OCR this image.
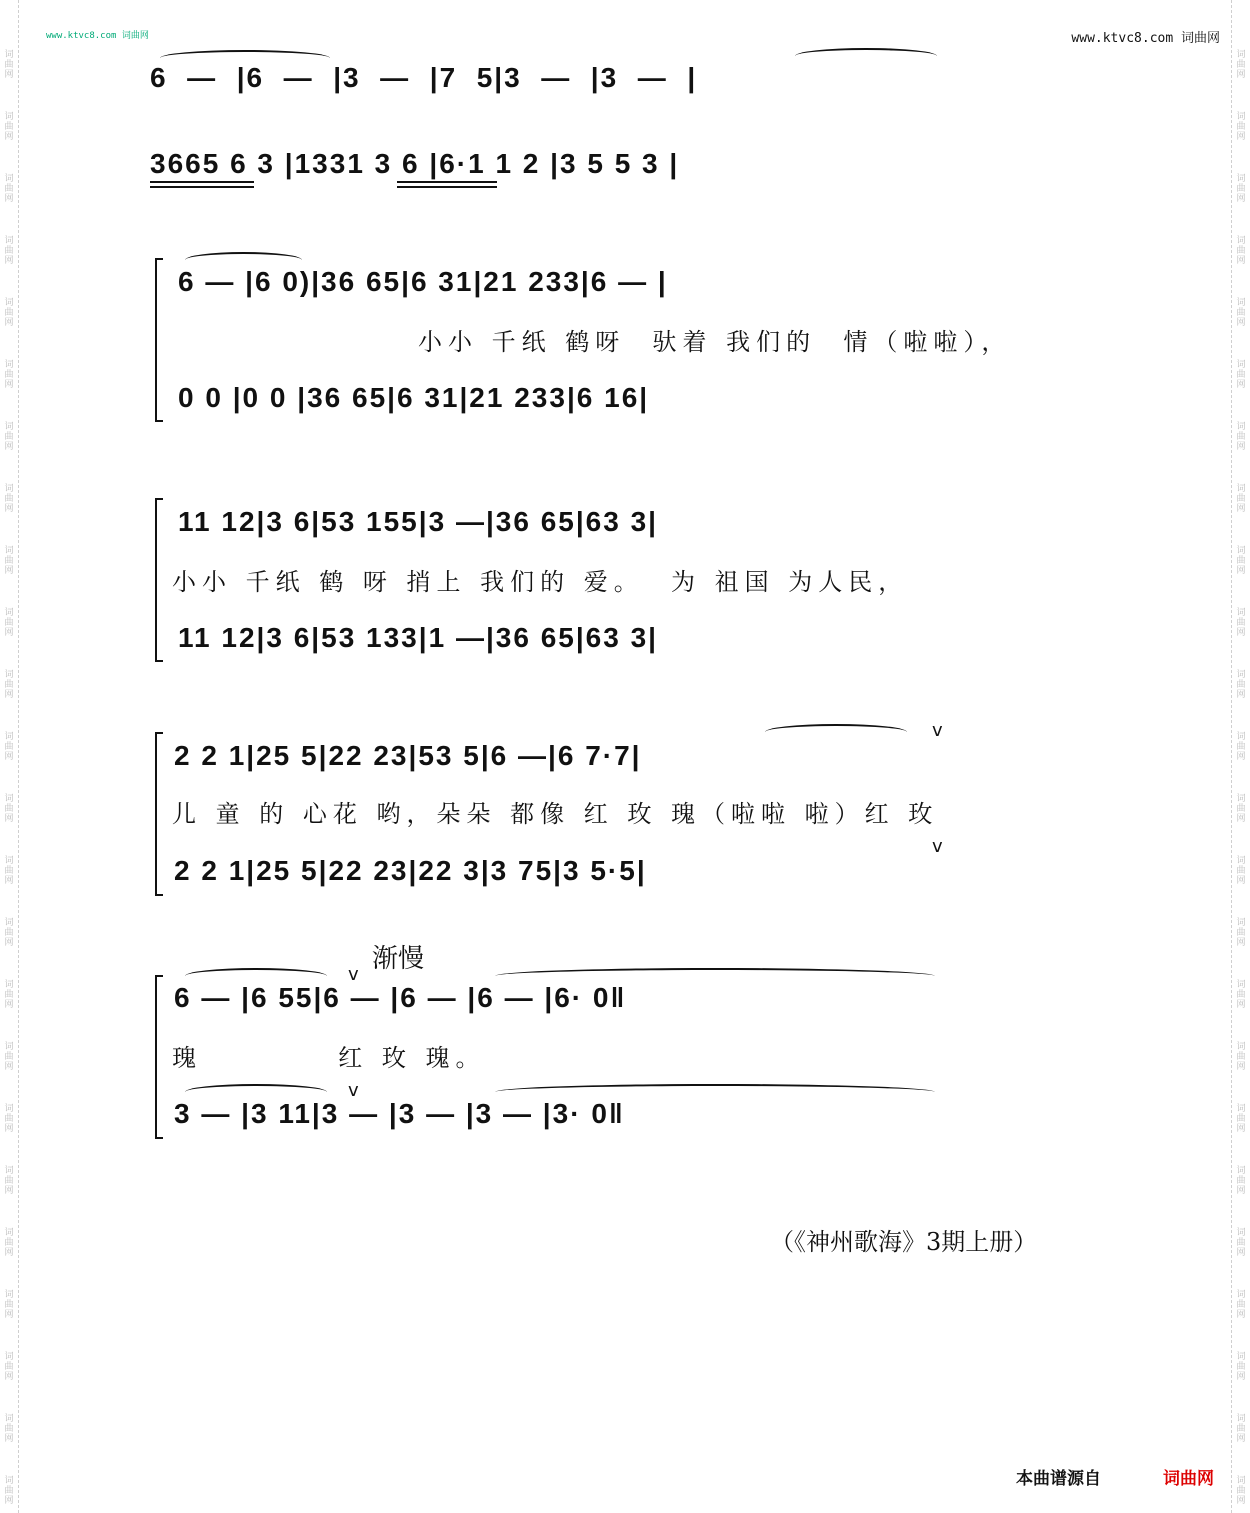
词曲网
词曲网
词曲网
词曲网
词曲网
词曲网
词曲网
词曲网
词曲网
词曲网
词曲网
词曲网
词曲网
词曲网
词曲网
词曲网
词曲网
词曲网
词曲网
词曲网
词曲网
词曲网
词曲网
词曲网
词曲网
词曲网
词曲网
词曲网
词曲网
词曲网
词曲网
词曲网
词曲网
词曲网
词曲网
词曲网
词曲网
词曲网
词曲网
词曲网
词曲网
词曲网
词曲网
词曲网
词曲网
词曲网
词曲网
词曲网
www.ktvc8.com 词曲网	www.ktvc8.com 词曲网
6  —  |6  —  |3  —  |7  5|3  —  |3  —  |
3665 6 3 |1331 3 6 |6·1 1 2 |3 5 5 3 |
6 — |6 0)|36 65|6 31|21 233|6 — |
小小 千纸 鹤呀  驮着 我们的  情（啦啦），
0 0 |0 0 |36 65|6 31|21 233|6 16|
11 12|3 6|53 155|3 —|36 65|63 3|
小小 千纸 鹤 呀 捎上 我们的 爱。  为 祖国 为人民，
11 12|3 6|53 133|1 —|36 65|63 3|
2 2 1|25 5|22 23|53 5|6 —|6 7·7|
儿 童 的 心花 哟，朵朵 都像 红 玫 瑰（啦啦 啦）红 玫
2 2 1|25 5|22 23|22 3|3 75|3 5·5|
v
v
渐慢
6 — |6 55|6 — |6 — |6 — |6· 0‖
瑰          红 玫 瑰。
3 — |3 11|3 — |3 — |3 — |3· 0‖
v
v
（《神州歌海》3期上册）
本曲谱源自	词曲网
